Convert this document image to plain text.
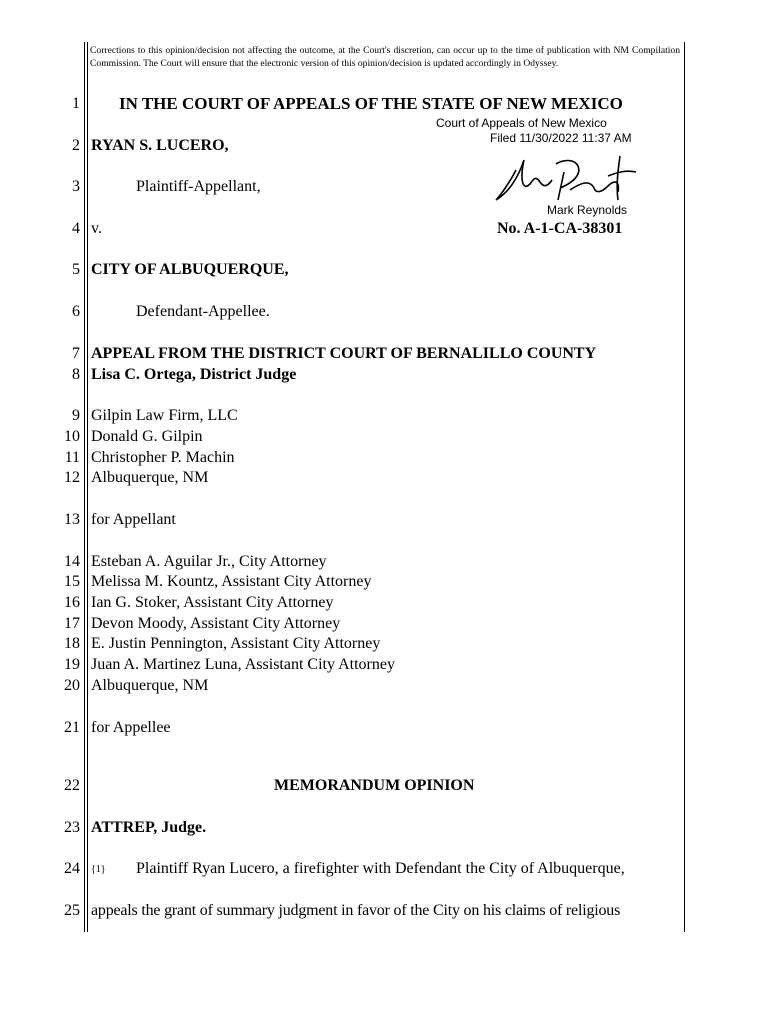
Corrections to this opinion/decision not affecting the outcome, at the Court's discretion, can occur up to the time of publication with NM Compilation Commission. The Court will ensure that the electronic version of this opinion/decision is updated accordingly in Odyssey.
1
2
3
4
5
6
7
8
9
10
11
12
13
14
15
16
17
18
19
20
21
22
23
24
25
IN THE COURT OF APPEALS OF THE STATE OF NEW MEXICO
RYAN S. LUCERO,
Plaintiff-Appellant,
v.	No. A-1-CA-38301
CITY OF ALBUQUERQUE,
Defendant-Appellee.
Court of Appeals of New Mexico
Filed 11/30/2022 11:37 AM
Mark Reynolds
APPEAL FROM THE DISTRICT COURT OF BERNALILLO COUNTY
Lisa C. Ortega, District Judge
Gilpin Law Firm, LLC
Donald G. Gilpin
Christopher P. Machin
Albuquerque, NM
for Appellant
Esteban A. Aguilar Jr., City Attorney
Melissa M. Kountz, Assistant City Attorney
Ian G. Stoker, Assistant City Attorney
Devon Moody, Assistant City Attorney
E. Justin Pennington, Assistant City Attorney
Juan A. Martinez Luna, Assistant City Attorney
Albuquerque, NM
for Appellee
MEMORANDUM OPINION
ATTREP, Judge.
{1} Plaintiff Ryan Lucero, a firefighter with Defendant the City of Albuquerque,
appeals the grant of summary judgment in favor of the City on his claims of religious
